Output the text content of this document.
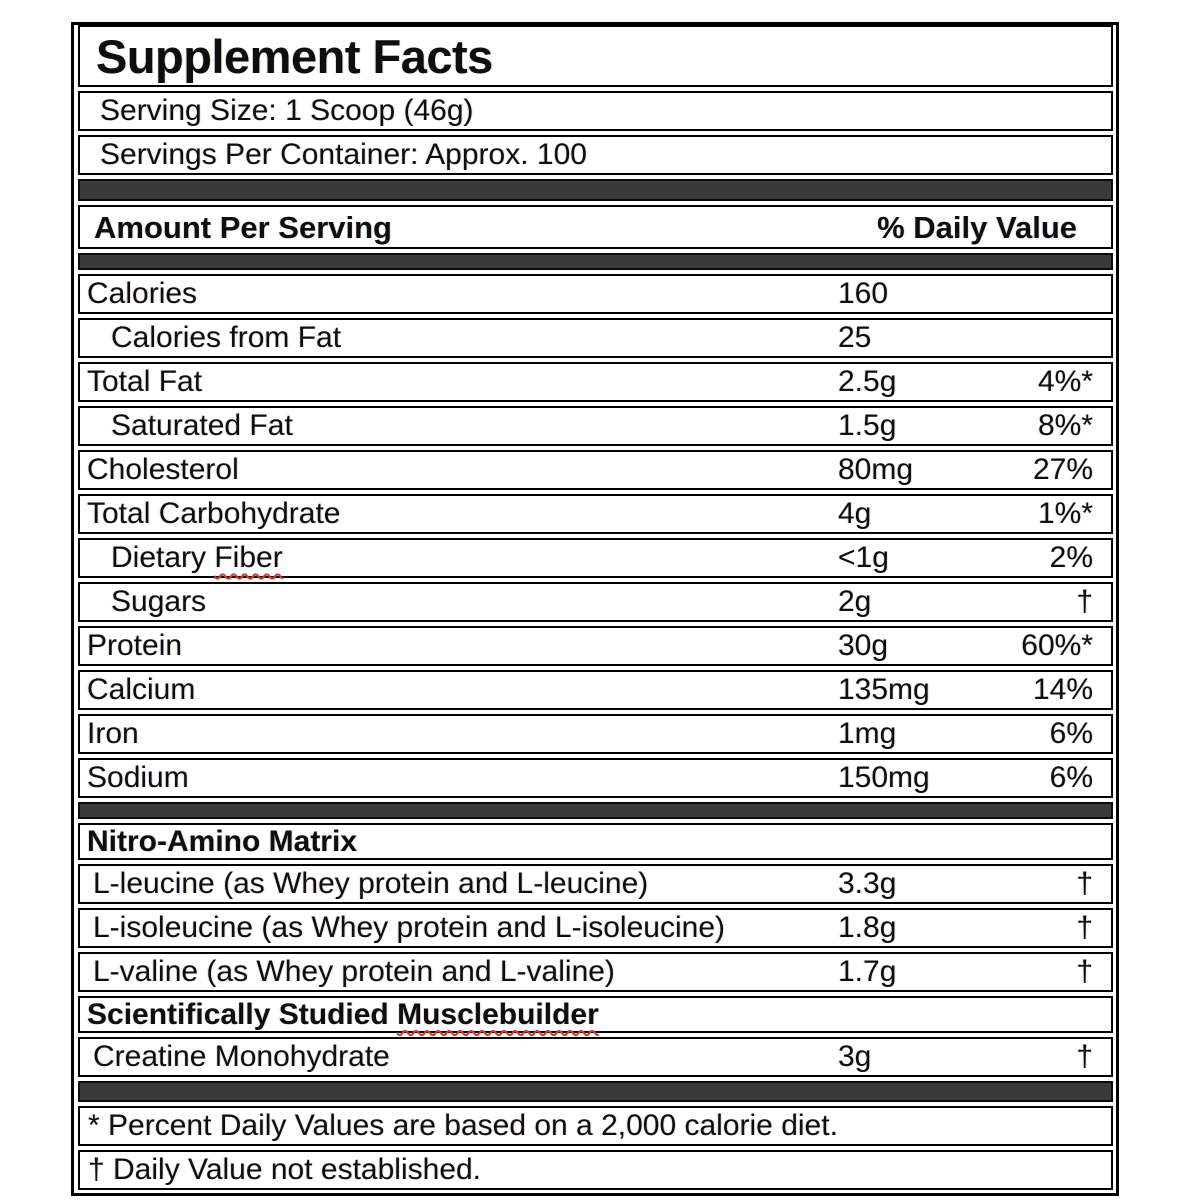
Supplement Facts
Serving Size: 1 Scoop (46g)
Servings Per Container: Approx. 100
Amount Per Serving	% Daily Value
Calories	160
Calories from Fat	25
Total Fat	2.5g	4%*
Saturated Fat	1.5g	8%*
Cholesterol	80mg	27%
Total Carbohydrate	4g	1%*
Dietary Fiber	<1g	2%
Sugars	2g	†
Protein	30g	60%*
Calcium	135mg	14%
Iron	1mg	6%
Sodium	150mg	6%
Nitro-Amino Matrix
L-leucine (as Whey protein and L-leucine)	3.3g	†
L-isoleucine (as Whey protein and L-isoleucine)	1.8g	†
L-valine (as Whey protein and L-valine)	1.7g	†
Scientifically Studied Musclebuilder
Creatine Monohydrate	3g	†
* Percent Daily Values are based on a 2,000 calorie diet.
† Daily Value not established.
